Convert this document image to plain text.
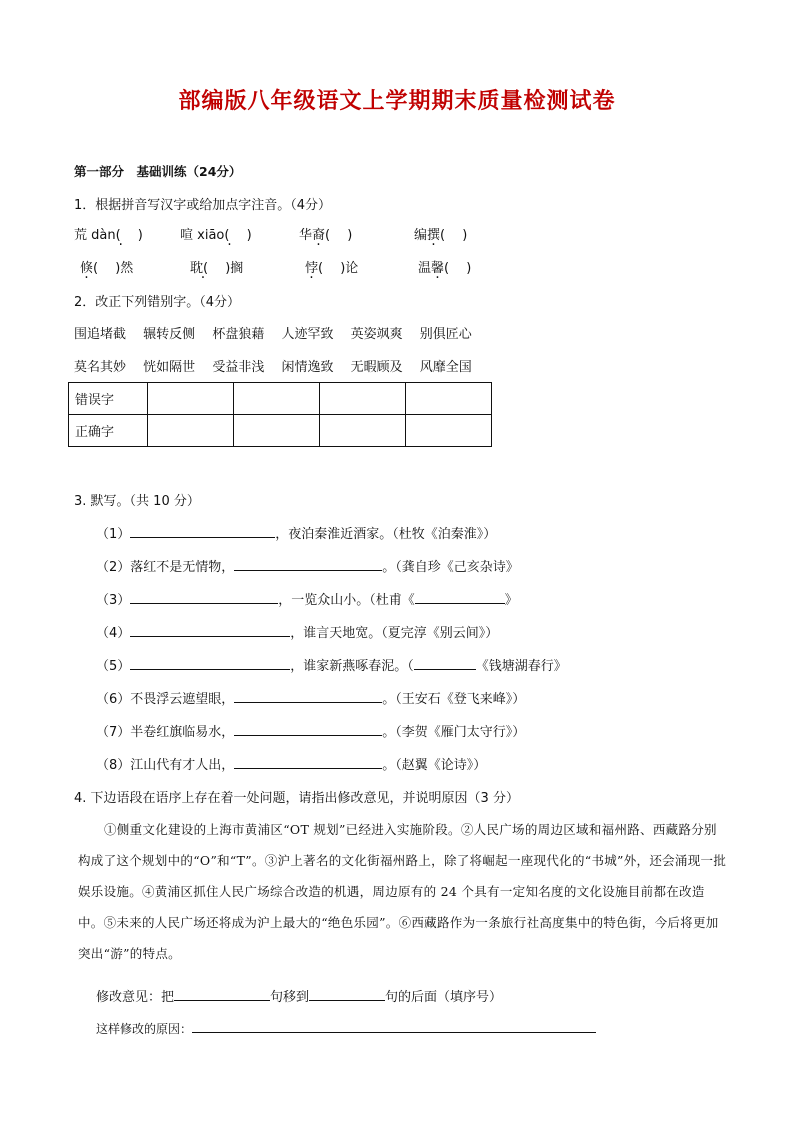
部编版八年级语文上学期期末质量检测试卷
第一部分　基础训练（24分）
1．根据拼音写汉字或给加点字注音。（4分）
荒 dàn(　 )	喧 xiāo(　 )	华裔(　 )	编撰(　 )
倏(　 )然	耽(　 )搁	悖(　 )论	温馨(　 )
2．改正下列错别字。（4分）
围追堵截　 辗转反侧　 杯盘狼藉　 人迹罕致　 英姿飒爽　 别俱匠心
莫名其妙　 恍如隔世　 受益非浅　 闲情逸致　 无暇顾及　 风靡全国
错误字				
正确字				
3. 默写。（共 10 分）
（1）	，夜泊秦淮近酒家。（杜牧《泊秦淮》）
（2）落红不是无情物，	。（龚自珍《己亥杂诗》
（3）	，一览众山小。（杜甫《	》
（4）	，谁言天地宽。（夏完淳《别云间》）
（5）	，谁家新燕啄春泥。（	《钱塘湖春行》
（6）不畏浮云遮望眼，	。（王安石《登飞来峰》）
（7）半卷红旗临易水，	。（李贺《雁门太守行》）
（8）江山代有才人出，	。（赵翼《论诗》）
4. 下边语段在语序上存在着一处问题，请指出修改意见，并说明原因（3 分）

①侧重文化建设的上海市黄浦区“OT 规划”已经进入实施阶段。②人民广场的周边区域和福州路、西藏路分别构成了这个规划中的“O”和“T”。③沪上著名的文化街福州路上，除了将崛起一座现代化的“书城”外，还会涌现一批娱乐设施。④黄浦区抓住人民广场综合改造的机遇，周边原有的 24 个具有一定知名度的文化设施目前都在改造中。⑤未来的人民广场还将成为沪上最大的“绝色乐园”。⑥西藏路作为一条旅行社高度集中的特色街，今后将更加突出“游”的特点。

修改意见：把	句移到	句的后面（填序号）
这样修改的原因：
